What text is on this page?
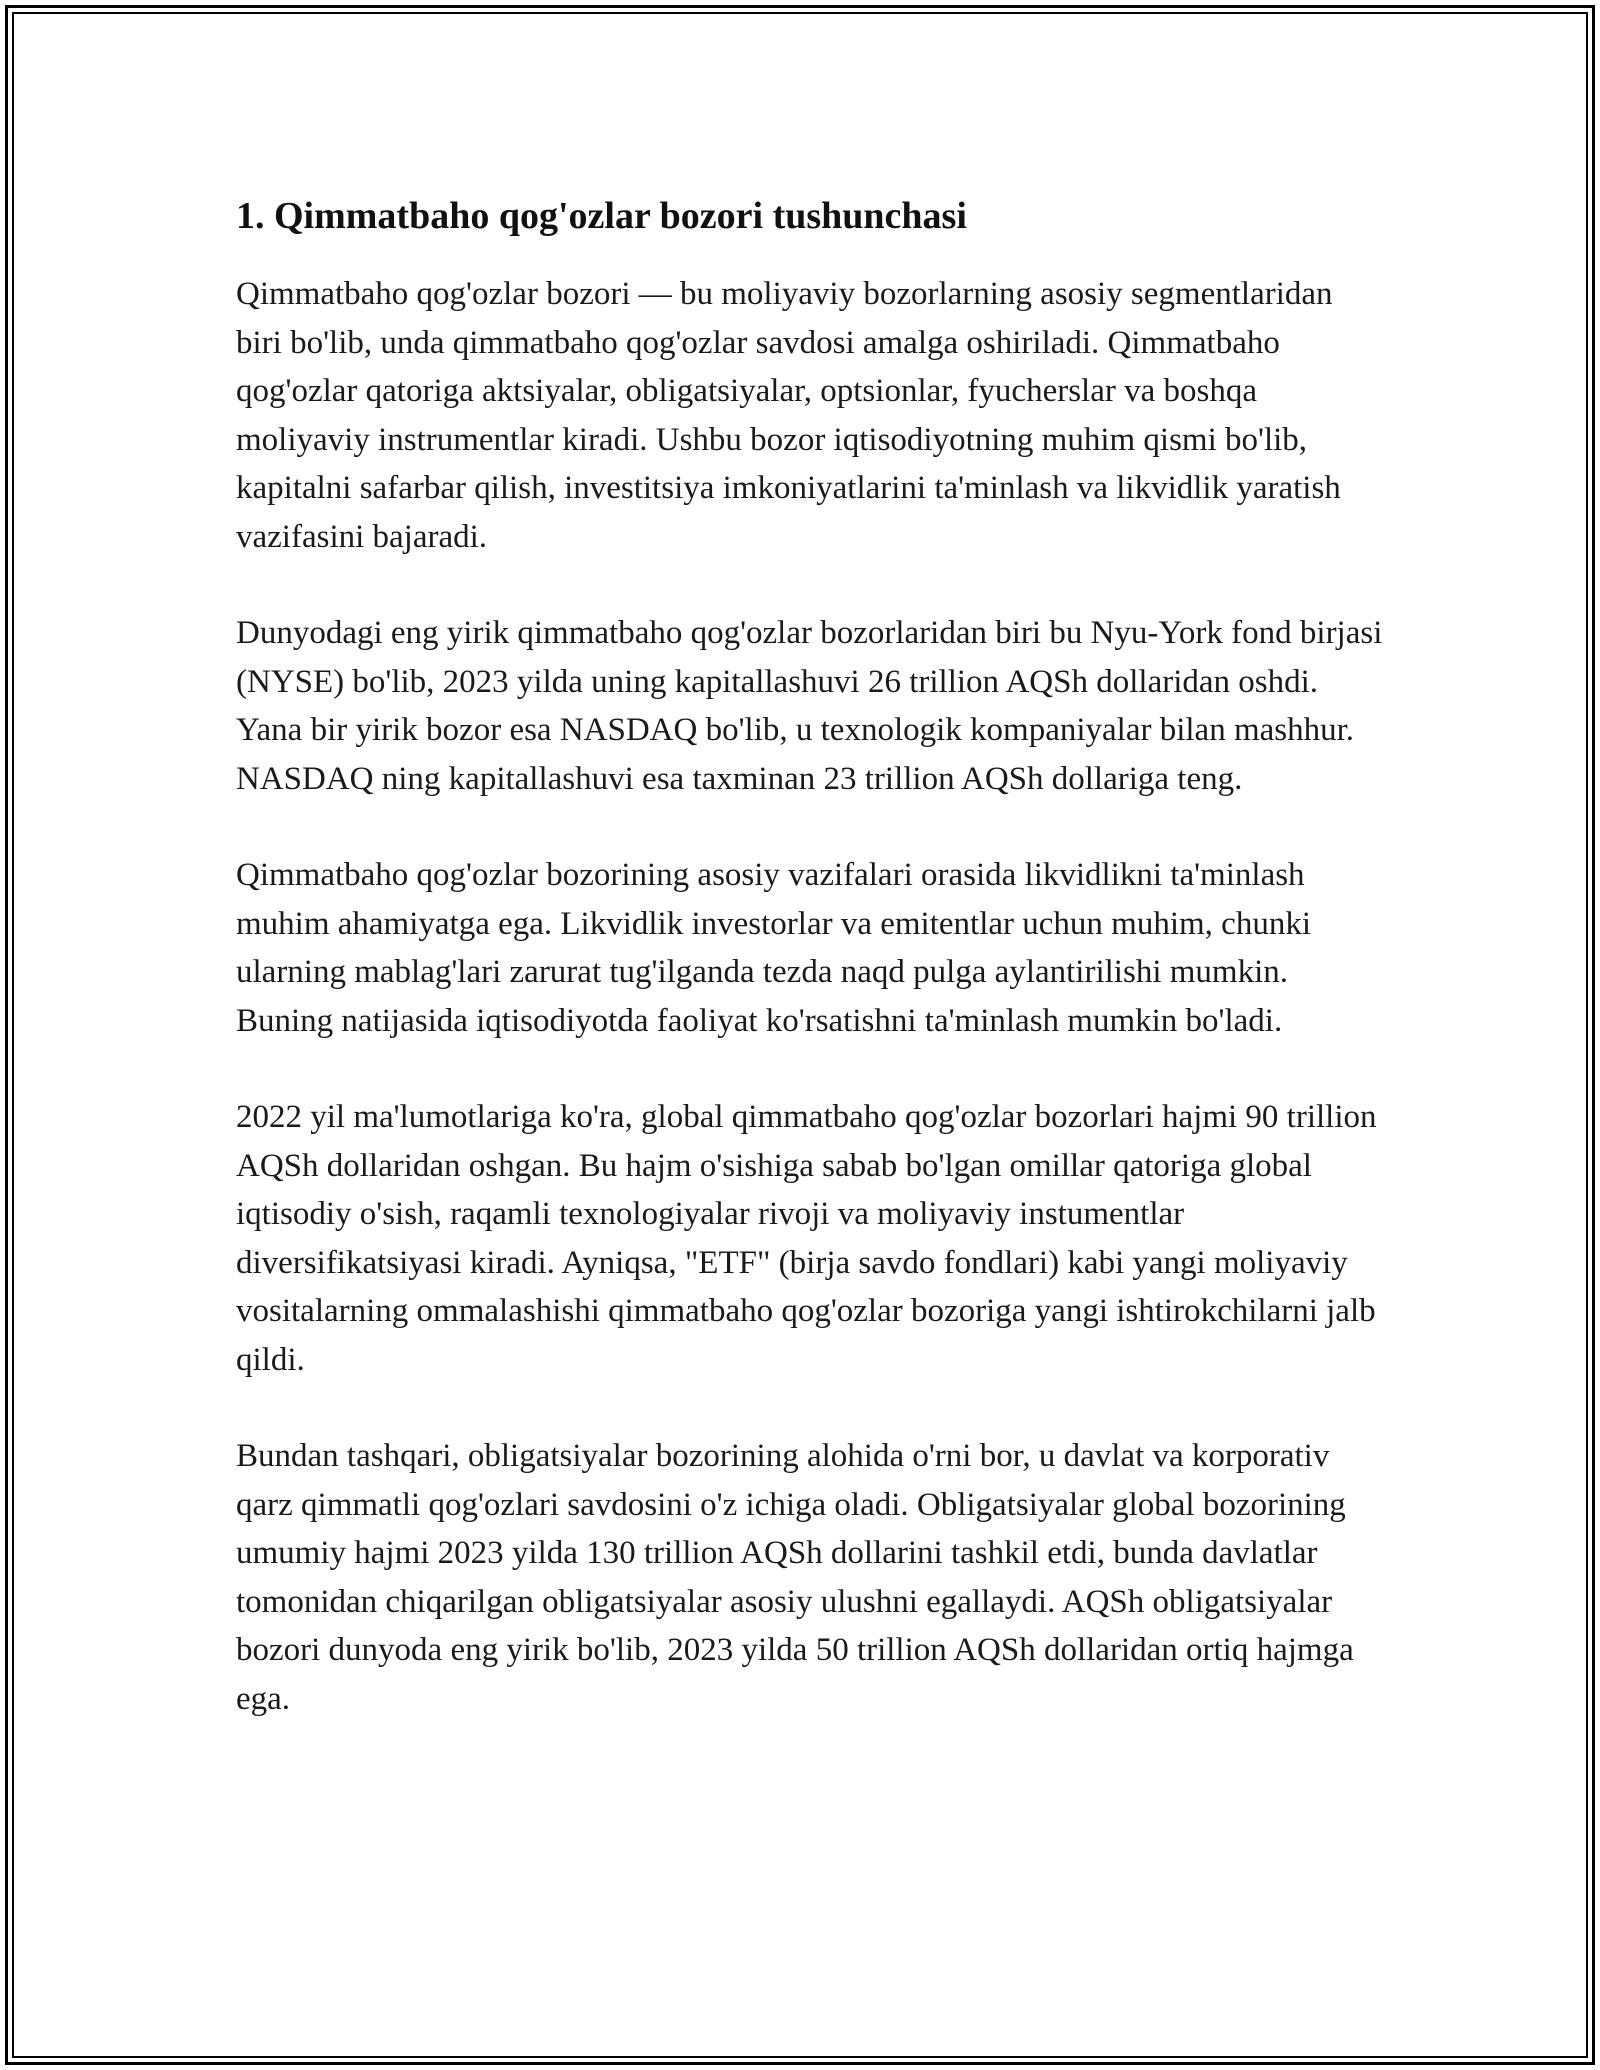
1. Qimmatbaho qog'ozlar bozori tushunchasi

Qimmatbaho qog'ozlar bozori — bu moliyaviy bozorlarning asosiy segmentlaridan biri bo'lib, unda qimmatbaho qog'ozlar savdosi amalga oshiriladi. Qimmatbaho qog'ozlar qatoriga aktsiyalar, obligatsiyalar, optsionlar, fyucherslar va boshqa moliyaviy instrumentlar kiradi. Ushbu bozor iqtisodiyotning muhim qismi bo'lib, kapitalni safarbar qilish, investitsiya imkoniyatlarini ta'minlash va likvidlik yaratish vazifasini bajaradi.

Dunyodagi eng yirik qimmatbaho qog'ozlar bozorlaridan biri bu Nyu-York fond birjasi (NYSE) bo'lib, 2023 yilda uning kapitallashuvi 26 trillion AQSh dollaridan oshdi. Yana bir yirik bozor esa NASDAQ bo'lib, u texnologik kompaniyalar bilan mashhur. NASDAQ ning kapitallashuvi esa taxminan 23 trillion AQSh dollariga teng.

Qimmatbaho qog'ozlar bozorining asosiy vazifalari orasida likvidlikni ta'minlash muhim ahamiyatga ega. Likvidlik investorlar va emitentlar uchun muhim, chunki ularning mablag'lari zarurat tug'ilganda tezda naqd pulga aylantirilishi mumkin. Buning natijasida iqtisodiyotda faoliyat ko'rsatishni ta'minlash mumkin bo'ladi.

2022 yil ma'lumotlariga ko'ra, global qimmatbaho qog'ozlar bozorlari hajmi 90 trillion AQSh dollaridan oshgan. Bu hajm o'sishiga sabab bo'lgan omillar qatoriga global iqtisodiy o'sish, raqamli texnologiyalar rivoji va moliyaviy instumentlar diversifikatsiyasi kiradi. Ayniqsa, "ETF" (birja savdo fondlari) kabi yangi moliyaviy vositalarning ommalashishi qimmatbaho qog'ozlar bozoriga yangi ishtirokchilarni jalb qildi.

Bundan tashqari, obligatsiyalar bozorining alohida o'rni bor, u davlat va korporativ qarz qimmatli qog'ozlari savdosini o'z ichiga oladi. Obligatsiyalar global bozorining umumiy hajmi 2023 yilda 130 trillion AQSh dollarini tashkil etdi, bunda davlatlar tomonidan chiqarilgan obligatsiyalar asosiy ulushni egallaydi. AQSh obligatsiyalar bozori dunyoda eng yirik bo'lib, 2023 yilda 50 trillion AQSh dollaridan ortiq hajmga ega.
